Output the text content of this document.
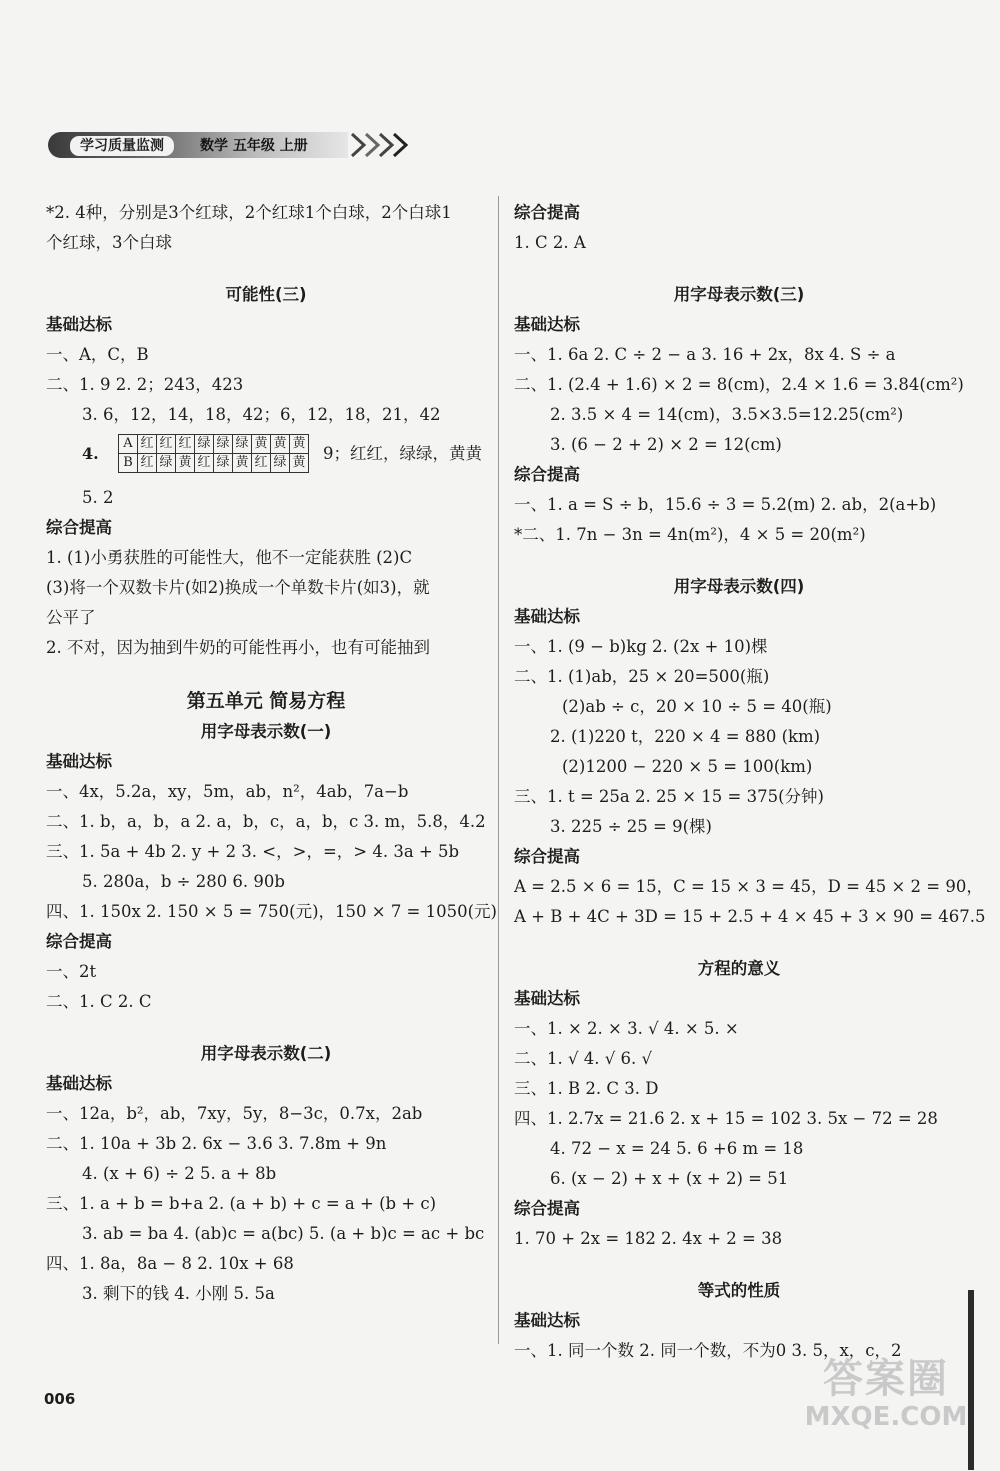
学习质量监测	数学 五年级 上册
*2. 4种，分别是3个红球，2个红球1个白球，2个白球1
个红球，3个白球
可能性(三)
基础达标
一、A，C，B
二、1. 9 2. 2；243，423
3. 6，12，14，18，42；6，12，18，21，42
4.
A	红	红	红	绿	绿	绿	黄	黄	黄
B	红	绿	黄	红	绿	黄	红	绿	黄 9；红红，绿绿，黄黄
5. 2
综合提高
1. (1)小勇获胜的可能性大，他不一定能获胜 (2)C
(3)将一个双数卡片(如2)换成一个单数卡片(如3)，就
公平了
2. 不对，因为抽到牛奶的可能性再小，也有可能抽到
第五单元 简易方程
用字母表示数(一)
基础达标
一、4x，5.2a，xy，5m，ab，n²，4ab，7a−b
二、1. b，a，b，a 2. a，b，c，a，b，c 3. m，5.8，4.2
三、1. 5a + 4b 2. y + 2 3. <，>，=，> 4. 3a + 5b
5. 280a，b ÷ 280 6. 90b
四、1. 150x 2. 150 × 5 = 750(元)，150 × 7 = 1050(元)
综合提高
一、2t
二、1. C 2. C
用字母表示数(二)
基础达标
一、12a，b²，ab，7xy，5y，8−3c，0.7x，2ab
二、1. 10a + 3b 2. 6x − 3.6 3. 7.8m + 9n
4. (x + 6) ÷ 2 5. a + 8b
三、1. a + b = b+a 2. (a + b) + c = a + (b + c)
3. ab = ba 4. (ab)c = a(bc) 5. (a + b)c = ac + bc
四、1. 8a，8a − 8 2. 10x + 68
3. 剩下的钱 4. 小刚 5. 5a
综合提高
1. C 2. A
用字母表示数(三)
基础达标
一、1. 6a 2. C ÷ 2 − a 3. 16 + 2x，8x 4. S ÷ a
二、1. (2.4 + 1.6) × 2 = 8(cm)，2.4 × 1.6 = 3.84(cm²)
2. 3.5 × 4 = 14(cm)，3.5×3.5=12.25(cm²)
3. (6 − 2 + 2) × 2 = 12(cm)
综合提高
一、1. a = S ÷ b，15.6 ÷ 3 = 5.2(m) 2. ab，2(a+b)
*二、1. 7n − 3n = 4n(m²)，4 × 5 = 20(m²)
用字母表示数(四)
基础达标
一、1. (9 − b)kg 2. (2x + 10)棵
二、1. (1)ab，25 × 20=500(瓶)
(2)ab ÷ c，20 × 10 ÷ 5 = 40(瓶)
2. (1)220 t，220 × 4 = 880 (km)
(2)1200 − 220 × 5 = 100(km)
三、1. t = 25a 2. 25 × 15 = 375(分钟)
3. 225 ÷ 25 = 9(棵)
综合提高
A = 2.5 × 6 = 15，C = 15 × 3 = 45，D = 45 × 2 = 90，
A + B + 4C + 3D = 15 + 2.5 + 4 × 45 + 3 × 90 = 467.5
方程的意义
基础达标
一、1. × 2. × 3. √ 4. × 5. ×
二、1. √ 4. √ 6. √
三、1. B 2. C 3. D
四、1. 2.7x = 21.6 2. x + 15 = 102 3. 5x − 72 = 28
4. 72 − x = 24 5. 6 +6 m = 18
6. (x − 2) + x + (x + 2) = 51
综合提高
1. 70 + 2x = 182 2. 4x + 2 = 38
等式的性质
基础达标
一、1. 同一个数 2. 同一个数，不为0 3. 5，x，c，2
006	答案圈
MXQE.COM
